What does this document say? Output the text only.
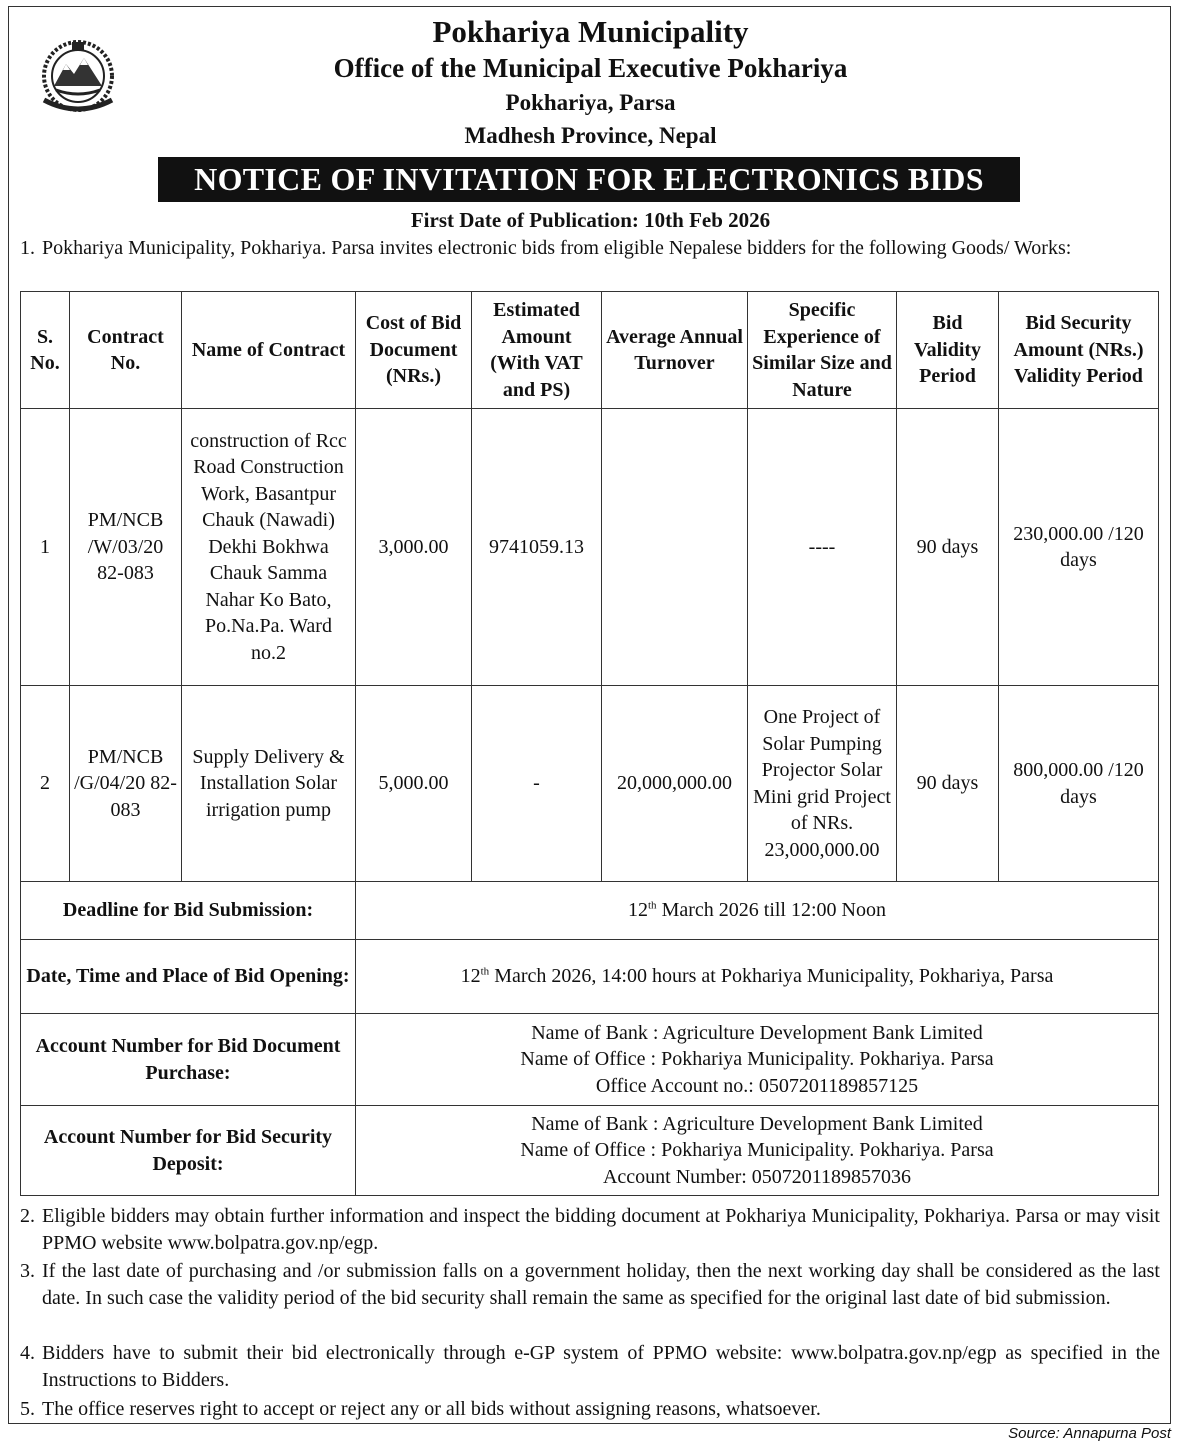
Pokhariya Municipality
Office of the Municipal Executive Pokhariya
Pokhariya, Parsa
Madhesh Province, Nepal
NOTICE OF INVITATION FOR ELECTRONICS BIDS
First Date of Publication: 10th Feb 2026
1. Pokhariya Municipality, Pokhariya. Parsa invites electronic bids from eligible Nepalese bidders for the following Goods/ Works:
S. No.	Contract No.	Name of Contract	Cost of Bid Document (NRs.)	Estimated Amount (With VAT and PS)	Average Annual Turnover	Specific Experience of Similar Size and Nature	Bid Validity Period	Bid Security Amount (NRs.) Validity Period
1	PM/NCB /W/03/20 82-083	construction of Rcc Road Construction Work, Basantpur Chauk (Nawadi) Dekhi Bokhwa Chauk Samma Nahar Ko Bato, Po.Na.Pa. Ward no.2	3,000.00	9741059.13		----	90 days	230,000.00 /120 days
2	PM/NCB /G/04/20 82-083	Supply Delivery & Installation Solar irrigation pump	5,000.00	-	20,000,000.00	One Project of Solar Pumping Projector Solar Mini grid Project of NRs. 23,000,000.00	90 days	800,000.00 /120 days
Deadline for Bid Submission:			12th March 2026 till 12:00 Noon					
Date, Time and Place of Bid Opening:			12th March 2026, 14:00 hours at Pokhariya Municipality, Pokhariya, Parsa					
Account Number for Bid Document Purchase:			Name of Bank : Agriculture Development Bank Limited
Name of Office : Pokhariya Municipality. Pokhariya. Parsa
Office Account no.: 0507201189857125					

Account Number for Bid Security Deposit:			Name of Bank : Agriculture Development Bank Limited
Name of Office : Pokhariya Municipality. Pokhariya. Parsa
Account Number: 0507201189857036					
2. Eligible bidders may obtain further information and inspect the bidding document at Pokhariya Municipality, Pokhariya. Parsa or may visit PPMO website www.bolpatra.gov.np/egp.
3. If the last date of purchasing and /or submission falls on a government holiday, then the next working day shall be considered as the last date. In such case the validity period of the bid security shall remain the same as specified for the original last date of bid submission.
4. Bidders have to submit their bid electronically through e-GP system of PPMO website: www.bolpatra.gov.np/egp as specified in the Instructions to Bidders.
5. The office reserves right to accept or reject any or all bids without assigning reasons, whatsoever.
Source: Annapurna Post
